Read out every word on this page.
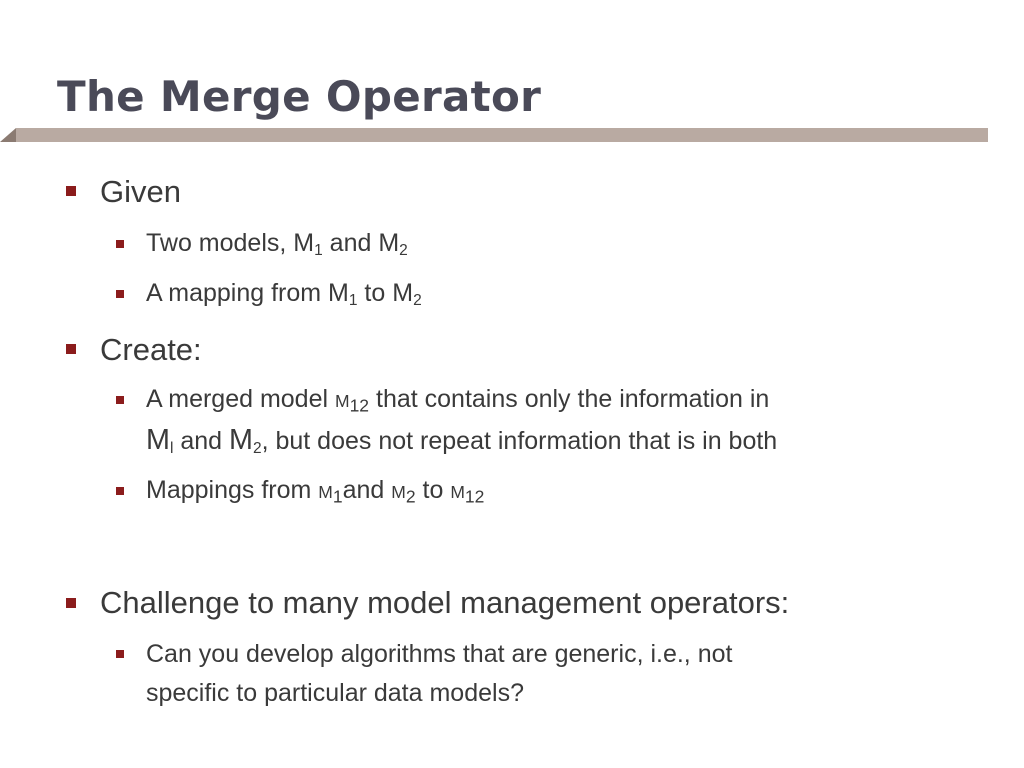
The Merge Operator
Given
Two models, $M_1$ and $M_2$
A mapping from $M_1$ to $M_2$
Create:
A merged model $M_{12}$ that contains only the information in
$M_l$ and $M_2$, but does not repeat information that is in both
Mappings from $M_1and$ $M_2$ to $M_{12}$
Challenge to many model management operators:
Can you develop algorithms that are generic, i.e., not
specific to particular data models?
